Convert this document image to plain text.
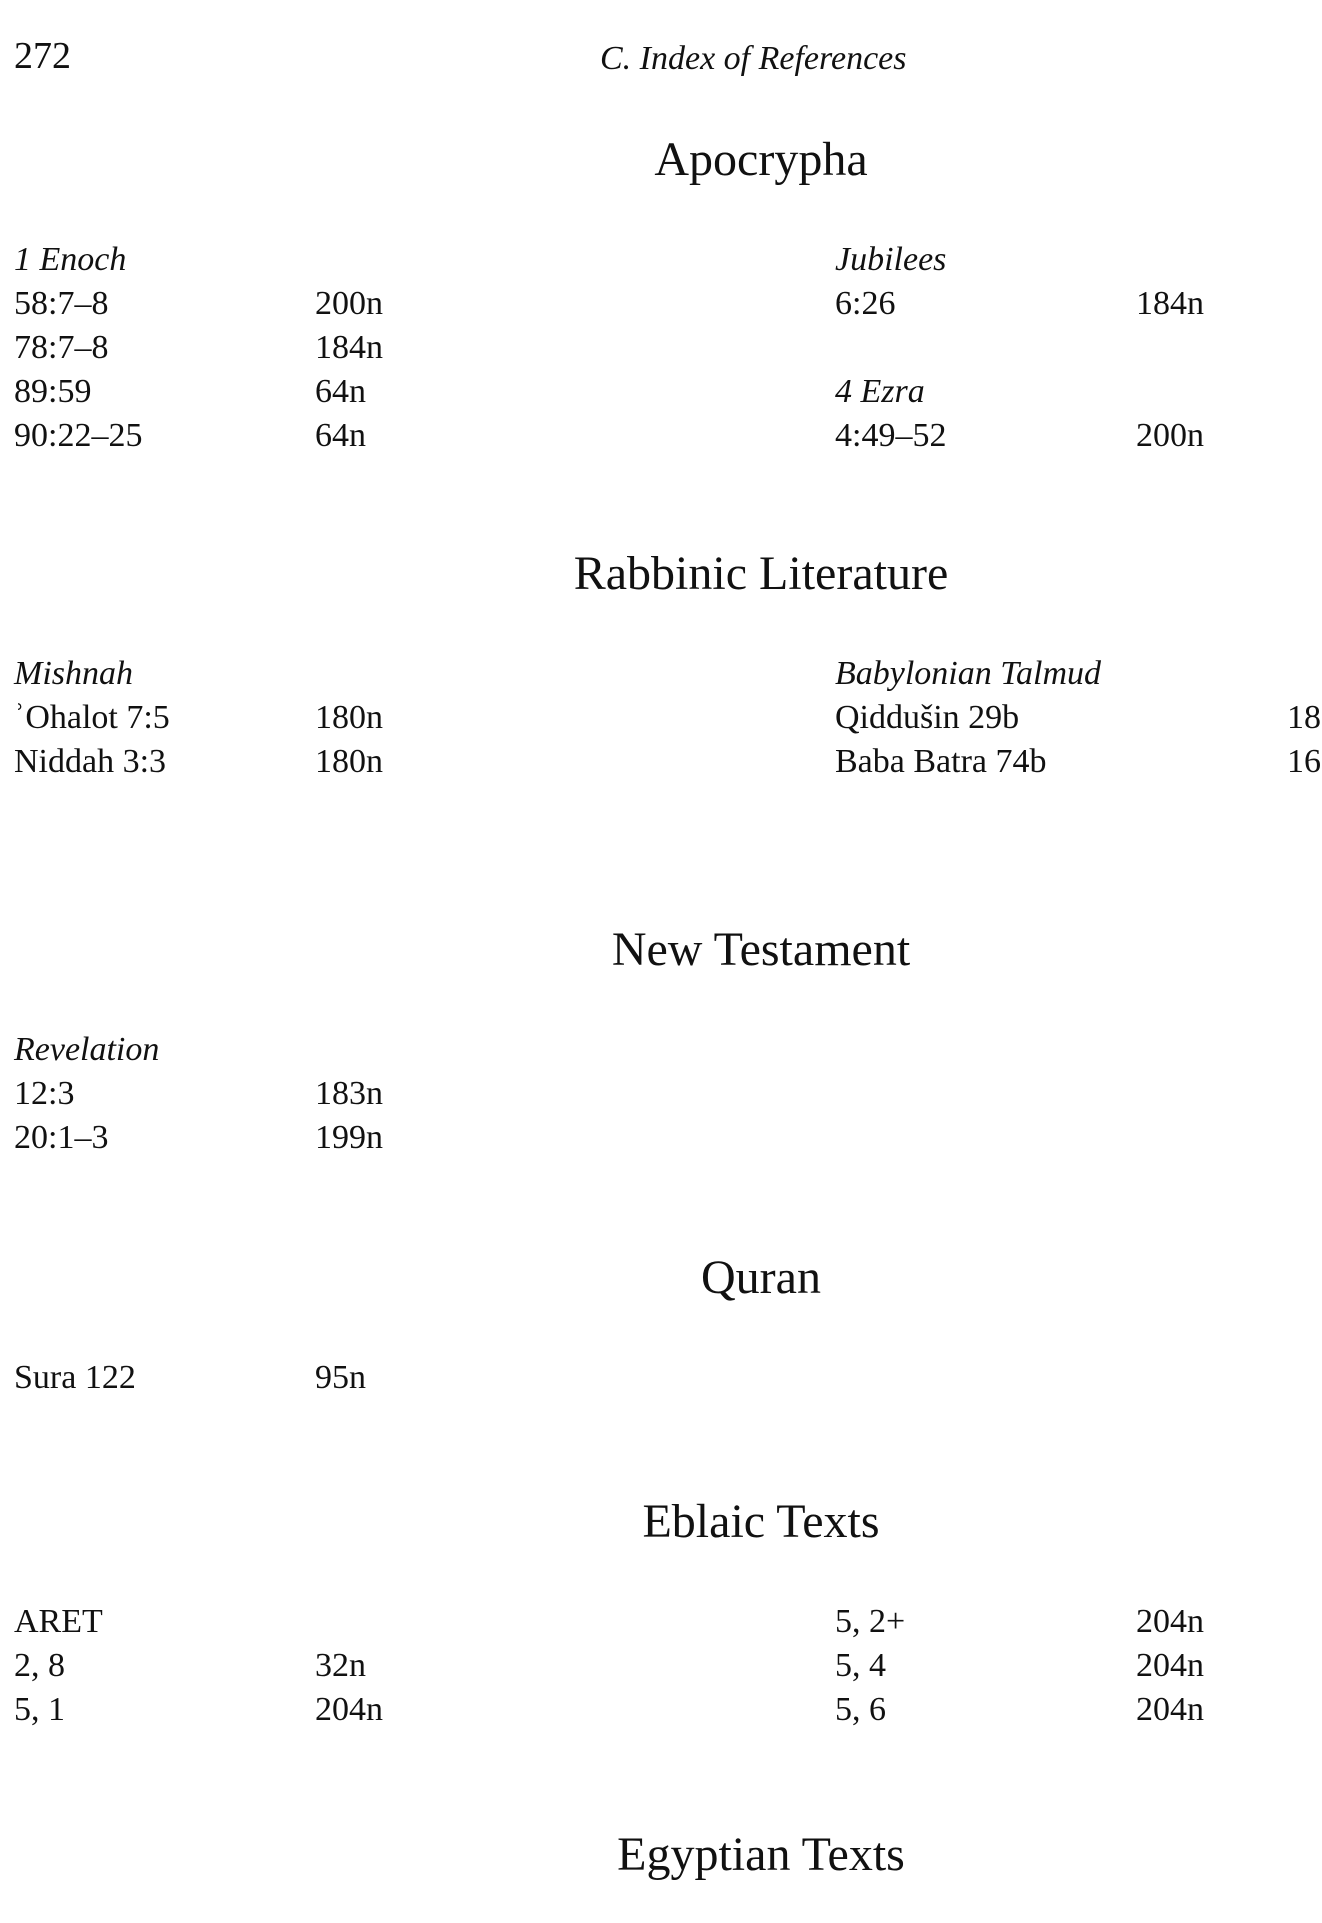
272	C. Index of References
Apocrypha
1 Enoch
58:7–8	200n
78:7–8	184n
89:59	64n
90:22–25	64n
Jubilees
6:26	184n
4 Ezra
4:49–52	200n
Rabbinic Literature
Mishnah
ʾOhalot 7:5	180n
Niddah 3:3	180n
Babylonian Talmud
Qiddušin 29b	18
Baba Batra 74b	16
New Testament
Revelation
12:3	183n
20:1–3	199n
Quran
Sura 122	95n
Eblaic Texts
ARET
2, 8	32n
5, 1	204n
5, 2+	204n
5, 4	204n
5, 6	204n
Egyptian Texts
